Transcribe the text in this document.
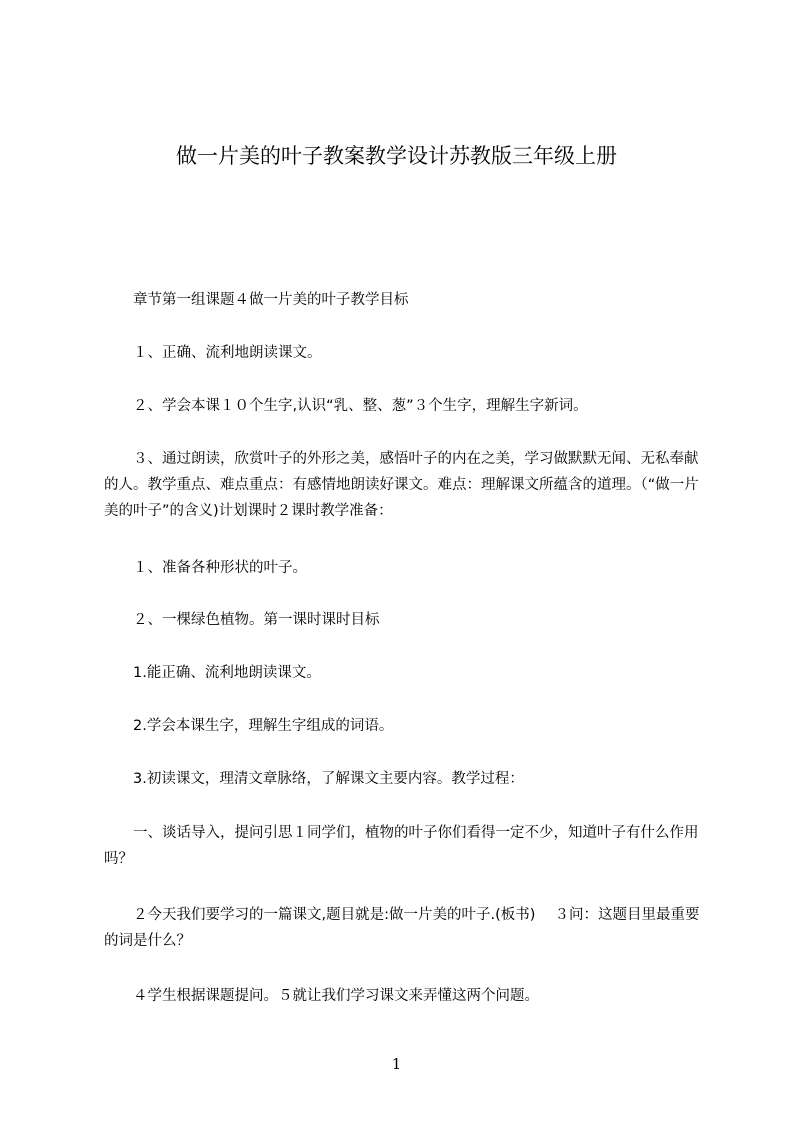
做一片美的叶子教案教学设计苏教版三年级上册

章节第一组课题４做一片美的叶子教学目标

１、正确、流利地朗读课文。

２、学会本课１０个生字,认识“乳、整、葱”３个生字，理解生字新词。

３、通过朗读，欣赏叶子的外形之美，感悟叶子的内在之美，学习做默默无闻、无私奉献的人。教学重点、难点重点：有感情地朗读好课文。难点：理解课文所蕴含的道理。（“做一片美的叶子”的含义)计划课时２课时教学准备：

１、准备各种形状的叶子。

２、一棵绿色植物。第一课时课时目标

1.能正确、流利地朗读课文。

2.学会本课生字，理解生字组成的词语。

3.初读课文，理清文章脉络，了解课文主要内容。教学过程：

一、谈话导入，提问引思１同学们，植物的叶子你们看得一定不少，知道叶子有什么作用吗？

２今天我们要学习的一篇课文,题目就是:做一片美的叶子.(板书)　 ３问：这题目里最重要的词是什么？

４学生根据课题提问。５就让我们学习课文来弄懂这两个问题。

1
